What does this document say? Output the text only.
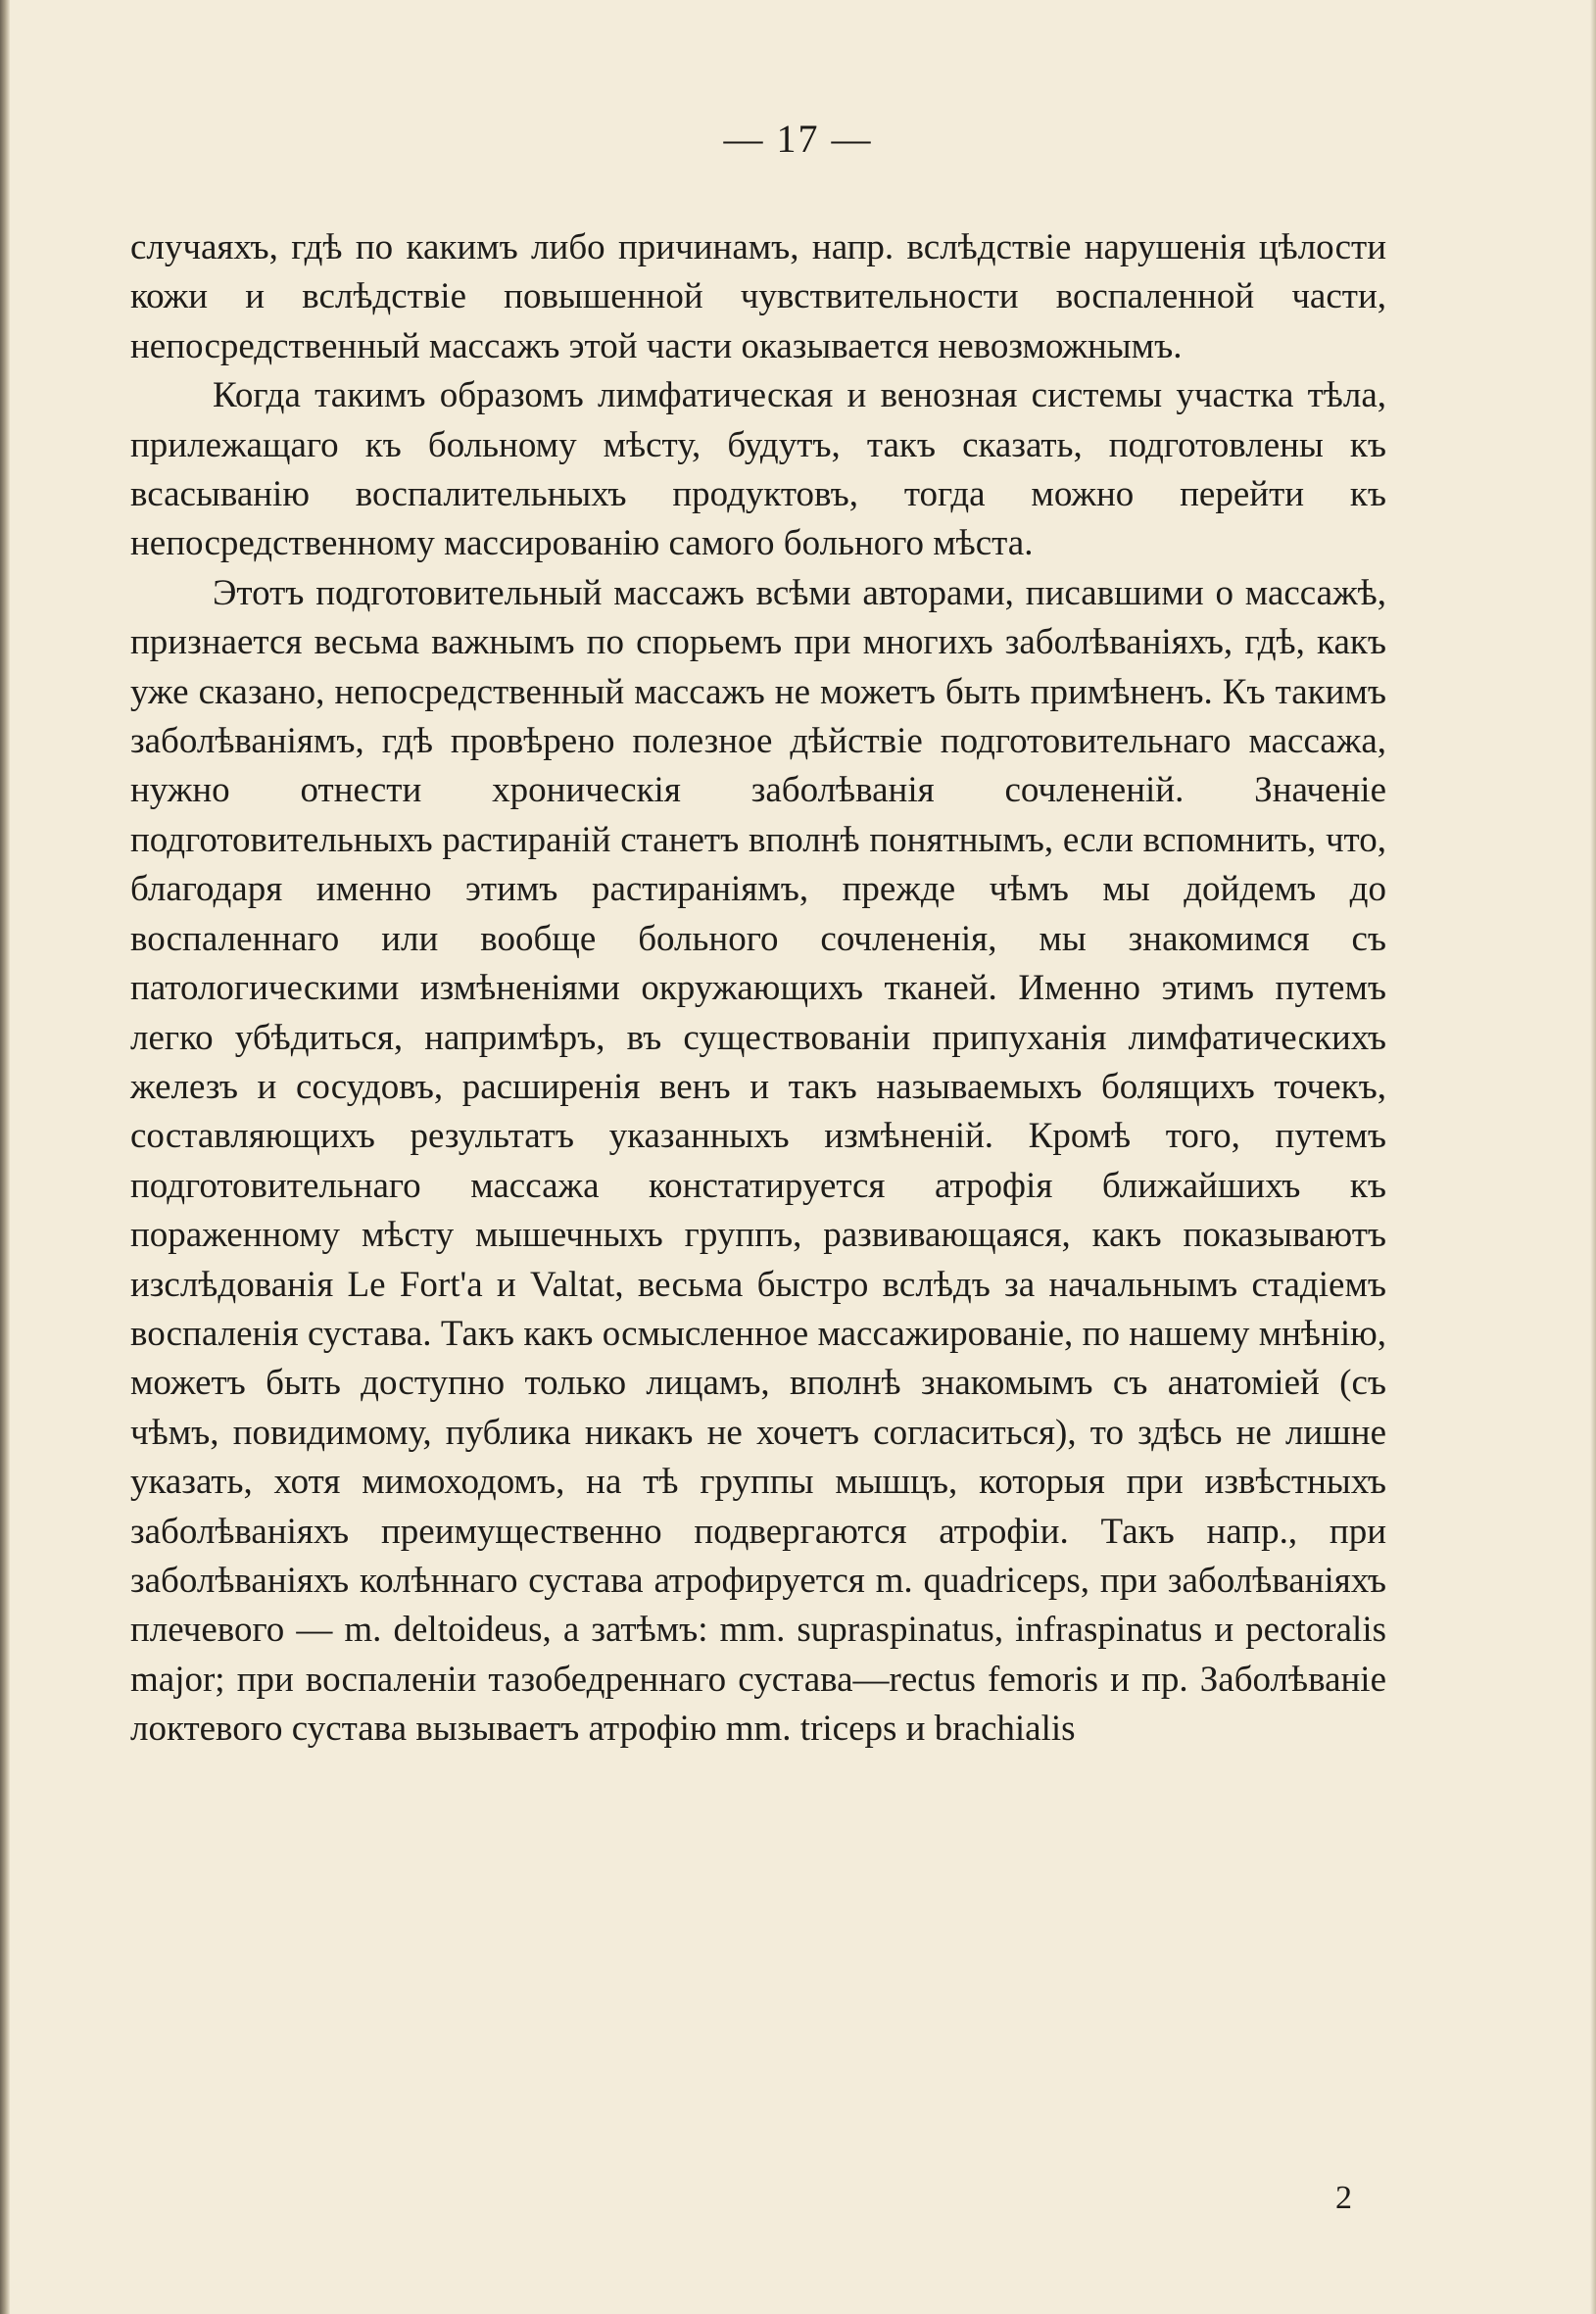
— 17 —

случаяхъ, гдѣ по какимъ либо причинамъ, напр. вслѣдствіе нарушенія цѣлости кожи и вслѣдствіе повышенной чувствительности воспаленной части, непосредственный массажъ этой части оказывается невозможнымъ.

Когда такимъ образомъ лимфатическая и венозная системы участка тѣла, прилежащаго къ больному мѣсту, будутъ, такъ сказать, подготовлены къ всасыванію воспалительныхъ продуктовъ, тогда можно перейти къ непосредственному массированію самого больного мѣста.

Этотъ подготовительный массажъ всѣми авторами, писавшими о массажѣ, признается весьма важнымъ по спорьемъ при многихъ заболѣваніяхъ, гдѣ, какъ уже сказано, непосредственный массажъ не можетъ быть примѣненъ. Къ такимъ заболѣваніямъ, гдѣ провѣрено полезное дѣйствіе подготовительнаго массажа, нужно отнести хроническія заболѣванія сочлененій. Значеніе подготовительныхъ растираній станетъ вполнѣ понятнымъ, если вспомнить, что, благодаря именно этимъ растираніямъ, прежде чѣмъ мы дойдемъ до воспаленнаго или вообще больного сочлененія, мы знакомимся съ патологическими измѣненіями окружающихъ тканей. Именно этимъ путемъ легко убѣдиться, напримѣръ, въ существованіи припуханія лимфатическихъ железъ и сосудовъ, расширенія венъ и такъ называемыхъ болящихъ точекъ, составляющихъ результатъ указанныхъ измѣненій. Кромѣ того, путемъ подготовительнаго массажа констатируется атрофія ближайшихъ къ пораженному мѣсту мышечныхъ группъ, развивающаяся, какъ показываютъ изслѣдованія Le Fort'а и Valtat, весьма быстро вслѣдъ за начальнымъ стадіемъ воспаленія сустава. Такъ какъ осмысленное массажированіе, по нашему мнѣнію, можетъ быть доступно только лицамъ, вполнѣ знакомымъ съ анатоміей (съ чѣмъ, повидимому, публика никакъ не хочетъ согласиться), то здѣсь не лишне указать, хотя мимоходомъ, на тѣ группы мышцъ, которыя при извѣстныхъ заболѣваніяхъ преимущественно подвергаются атрофіи. Такъ напр., при заболѣваніяхъ колѣннаго сустава атрофируется m. quadriceps, при заболѣваніяхъ плечевого — m. deltoideus, а затѣмъ: mm. supraspinatus, infraspinatus и pectoralis major; при воспаленіи тазобедреннаго сустава—rectus femoris и пр. Заболѣваніе локтевого сустава вызываетъ атрофію mm. triceps и brachialis

2
